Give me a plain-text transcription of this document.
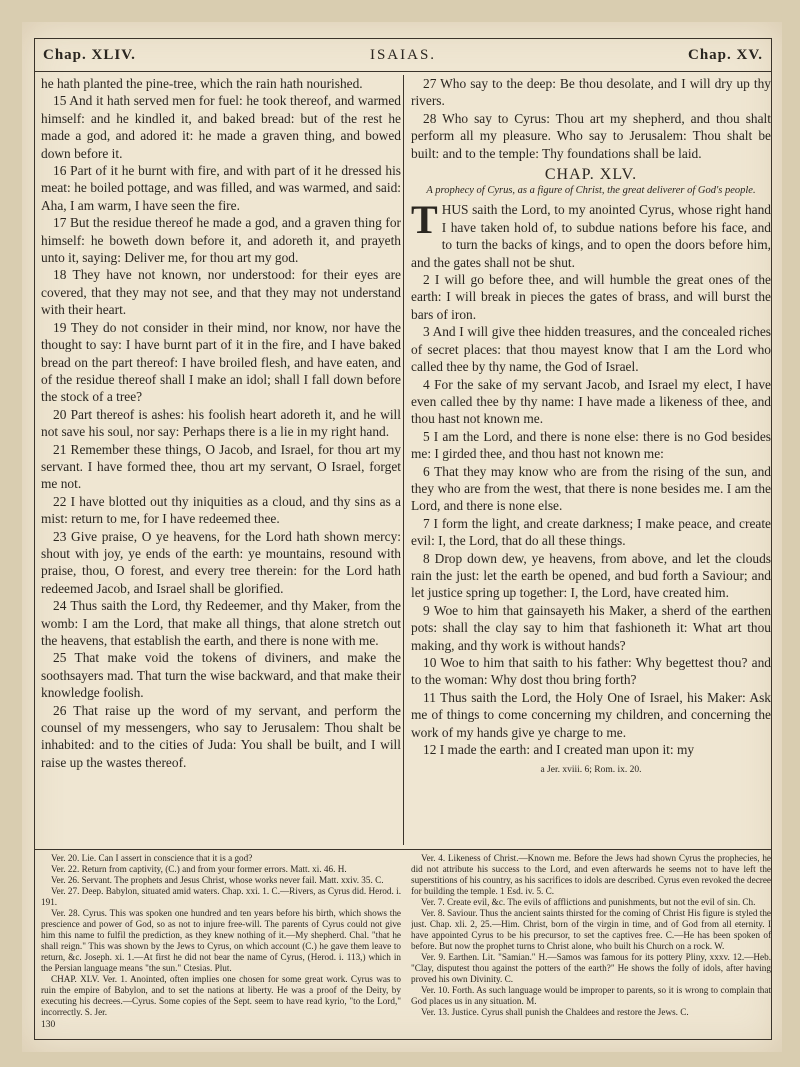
Chap. XLIV.	ISAIAS.	Chap. XV.

he hath planted the pine-tree, which the rain hath nourished.

15 And it hath served men for fuel: he took thereof, and warmed himself: and he kindled it, and baked bread: but of the rest he made a god, and adored it: he made a graven thing, and bowed down before it.

16 Part of it he burnt with fire, and with part of it he dressed his meat: he boiled pottage, and was filled, and was warmed, and said: Aha, I am warm, I have seen the fire.

17 But the residue thereof he made a god, and a graven thing for himself: he boweth down before it, and adoreth it, and prayeth unto it, saying: Deliver me, for thou art my god.

18 They have not known, nor understood: for their eyes are covered, that they may not see, and that they may not understand with their heart.

19 They do not consider in their mind, nor know, nor have the thought to say: I have burnt part of it in the fire, and I have baked bread on the part thereof: I have broiled flesh, and have eaten, and of the residue thereof shall I make an idol; shall I fall down before the stock of a tree?

20 Part thereof is ashes: his foolish heart adoreth it, and he will not save his soul, nor say: Perhaps there is a lie in my right hand.

21 Remember these things, O Jacob, and Israel, for thou art my servant. I have formed thee, thou art my servant, O Israel, forget me not.

22 I have blotted out thy iniquities as a cloud, and thy sins as a mist: return to me, for I have redeemed thee.

23 Give praise, O ye heavens, for the Lord hath shown mercy: shout with joy, ye ends of the earth: ye mountains, resound with praise, thou, O forest, and every tree therein: for the Lord hath redeemed Jacob, and Israel shall be glorified.

24 Thus saith the Lord, thy Redeemer, and thy Maker, from the womb: I am the Lord, that make all things, that alone stretch out the heavens, that establish the earth, and there is none with me.

25 That make void the tokens of diviners, and make the soothsayers mad. That turn the wise backward, and that make their knowledge foolish.

26 That raise up the word of my servant, and perform the counsel of my messengers, who say to Jerusalem: Thou shalt be inhabited: and to the cities of Juda: You shall be built, and I will raise up the wastes thereof.

27 Who say to the deep: Be thou desolate, and I will dry up thy rivers.

28 Who say to Cyrus: Thou art my shepherd, and thou shalt perform all my pleasure. Who say to Jerusalem: Thou shalt be built: and to the temple: Thy foundations shall be laid.

CHAP. XLV.
A prophecy of Cyrus, as a figure of Christ, the great deliverer of God's people.

THUS saith the Lord, to my anointed Cyrus, whose right hand I have taken hold of, to subdue nations before his face, and to turn the backs of kings, and to open the doors before him, and the gates shall not be shut.

2 I will go before thee, and will humble the great ones of the earth: I will break in pieces the gates of brass, and will burst the bars of iron.

3 And I will give thee hidden treasures, and the concealed riches of secret places: that thou mayest know that I am the Lord who called thee by thy name, the God of Israel.

4 For the sake of my servant Jacob, and Israel my elect, I have even called thee by thy name: I have made a likeness of thee, and thou hast not known me.

5 I am the Lord, and there is none else: there is no God besides me: I girded thee, and thou hast not known me:

6 That they may know who are from the rising of the sun, and they who are from the west, that there is none besides me. I am the Lord, and there is none else.

7 I form the light, and create darkness; I make peace, and create evil: I, the Lord, that do all these things.

8 Drop down dew, ye heavens, from above, and let the clouds rain the just: let the earth be opened, and bud forth a Saviour; and let justice spring up together: I, the Lord, have created him.

9 Woe to him that gainsayeth his Maker, a sherd of the earthen pots: shall the clay say to him that fashioneth it: What art thou making, and thy work is without hands?

10 Woe to him that saith to his father: Why begettest thou? and to the woman: Why dost thou bring forth?

11 Thus saith the Lord, the Holy One of Israel, his Maker: Ask me of things to come concerning my children, and concerning the work of my hands give ye charge to me.

12 I made the earth: and I created man upon it: my

a Jer. xviii. 6; Rom. ix. 20.

Ver. 20. Lie. Can I assert in conscience that it is a god?

Ver. 22. Return from captivity, (C.) and from your former errors. Matt. xi. 46. H.

Ver. 26. Servant. The prophets and Jesus Christ, whose works never fail. Matt. xxiv. 35. C.

Ver. 27. Deep. Babylon, situated amid waters. Chap. xxi. 1. C.—Rivers, as Cyrus did. Herod. i. 191.

Ver. 28. Cyrus. This was spoken one hundred and ten years before his birth, which shows the prescience and power of God, so as not to injure free-will. The parents of Cyrus could not give him this name to fulfil the prediction, as they knew nothing of it.—My shepherd. Chal. "that he shall reign." This was shown by the Jews to Cyrus, on which account (C.) he gave them leave to return, &c. Joseph. xi. 1.—At first he did not bear the name of Cyrus, (Herod. i. 113,) which in the Persian language means "the sun." Ctesias. Plut.

CHAP. XLV. Ver. 1. Anointed, often implies one chosen for some great work. Cyrus was to ruin the empire of Babylon, and to set the nations at liberty. He was a proof of the Deity, by executing his decrees.—Cyrus. Some copies of the Sept. seem to have read kyrio, "to the Lord," incorrectly. S. Jer.

130

Ver. 4. Likeness of Christ.—Known me. Before the Jews had shown Cyrus the prophecies, he did not attribute his success to the Lord, and even afterwards he seems not to have left the superstitions of his country, as his sacrifices to idols are described. Cyrus even revoked the decree for building the temple. 1 Esd. iv. 5. C.

Ver. 7. Create evil, &c. The evils of afflictions and punishments, but not the evil of sin. Ch.

Ver. 8. Saviour. Thus the ancient saints thirsted for the coming of Christ His figure is styled the just. Chap. xli. 2, 25.—Him. Christ, born of the virgin in time, and of God from all eternity. I have appointed Cyrus to be his precursor, to set the captives free. C.—He has been spoken of before. But now the prophet turns to Christ alone, who built his Church on a rock. W.

Ver. 9. Earthen. Lit. "Samian." H.—Samos was famous for its pottery Pliny, xxxv. 12.—Heb. "Clay, disputest thou against the potters of the earth?" He shows the folly of idols, after having proved his own Divinity. C.

Ver. 10. Forth. As such language would be improper to parents, so it is wrong to complain that God places us in any situation. M.

Ver. 13. Justice. Cyrus shall punish the Chaldees and restore the Jews. C.
